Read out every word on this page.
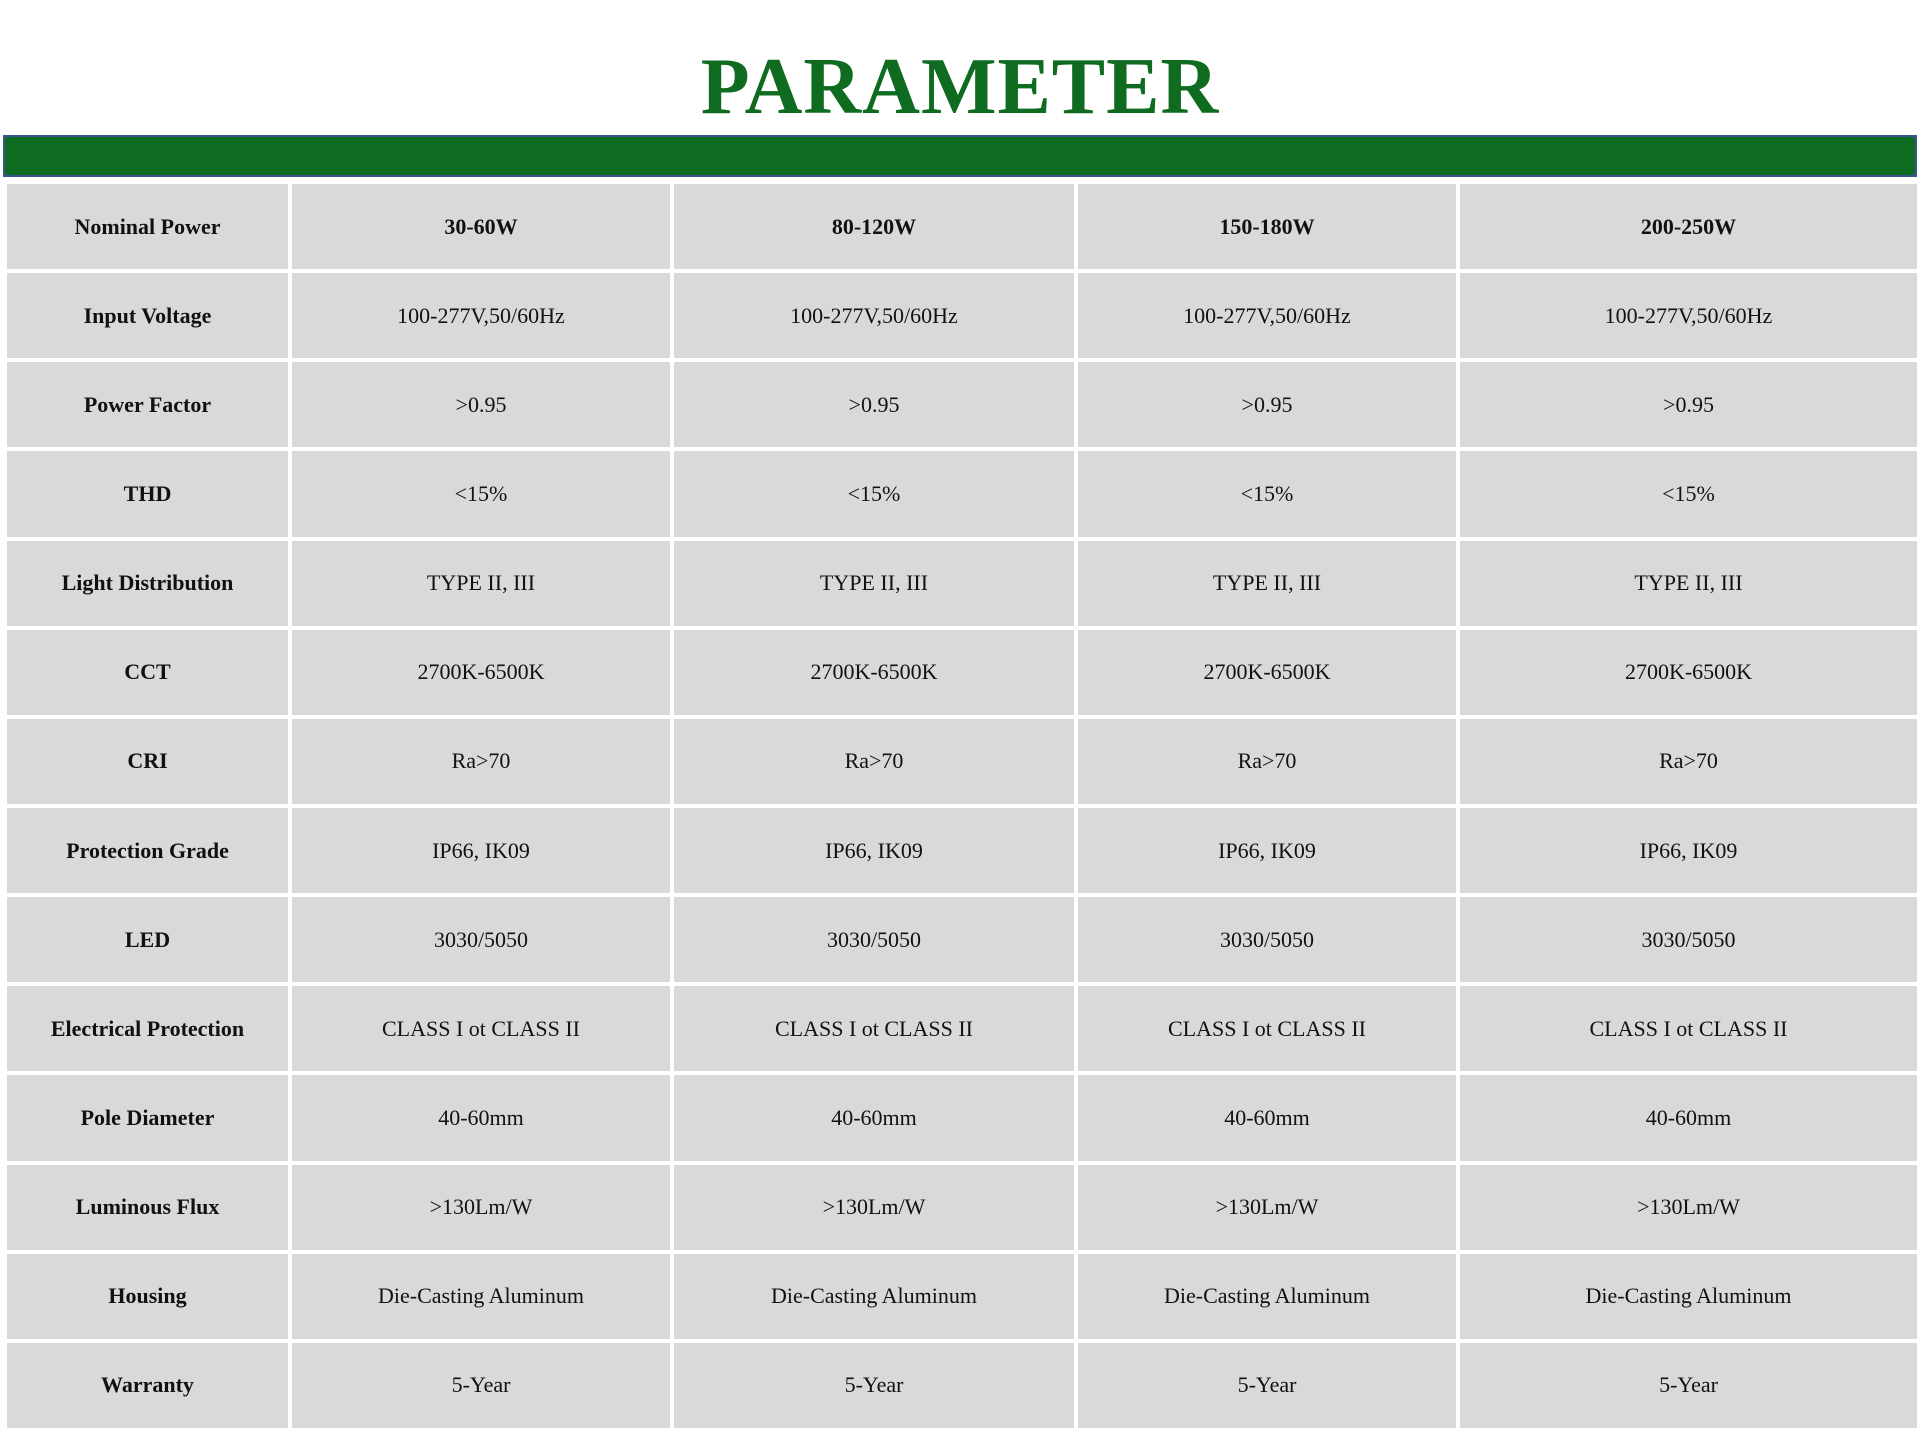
PARAMETER
Nominal Power	30-60W	80-120W	150-180W	200-250W
Input Voltage	100-277V,50/60Hz	100-277V,50/60Hz	100-277V,50/60Hz	100-277V,50/60Hz
Power Factor	>0.95	>0.95	>0.95	>0.95
THD	<15%	<15%	<15%	<15%
Light Distribution	TYPE II, III	TYPE II, III	TYPE II, III	TYPE II, III
CCT	2700K-6500K	2700K-6500K	2700K-6500K	2700K-6500K
CRI	Ra>70	Ra>70	Ra>70	Ra>70
Protection Grade	IP66, IK09	IP66, IK09	IP66, IK09	IP66, IK09
LED	3030/5050	3030/5050	3030/5050	3030/5050
Electrical Protection	CLASS I ot CLASS II	CLASS I ot CLASS II	CLASS I ot CLASS II	CLASS I ot CLASS II
Pole Diameter	40-60mm	40-60mm	40-60mm	40-60mm
Luminous Flux	>130Lm/W	>130Lm/W	>130Lm/W	>130Lm/W
Housing	Die-Casting Aluminum	Die-Casting Aluminum	Die-Casting Aluminum	Die-Casting Aluminum
Warranty	5-Year	5-Year	5-Year	5-Year
